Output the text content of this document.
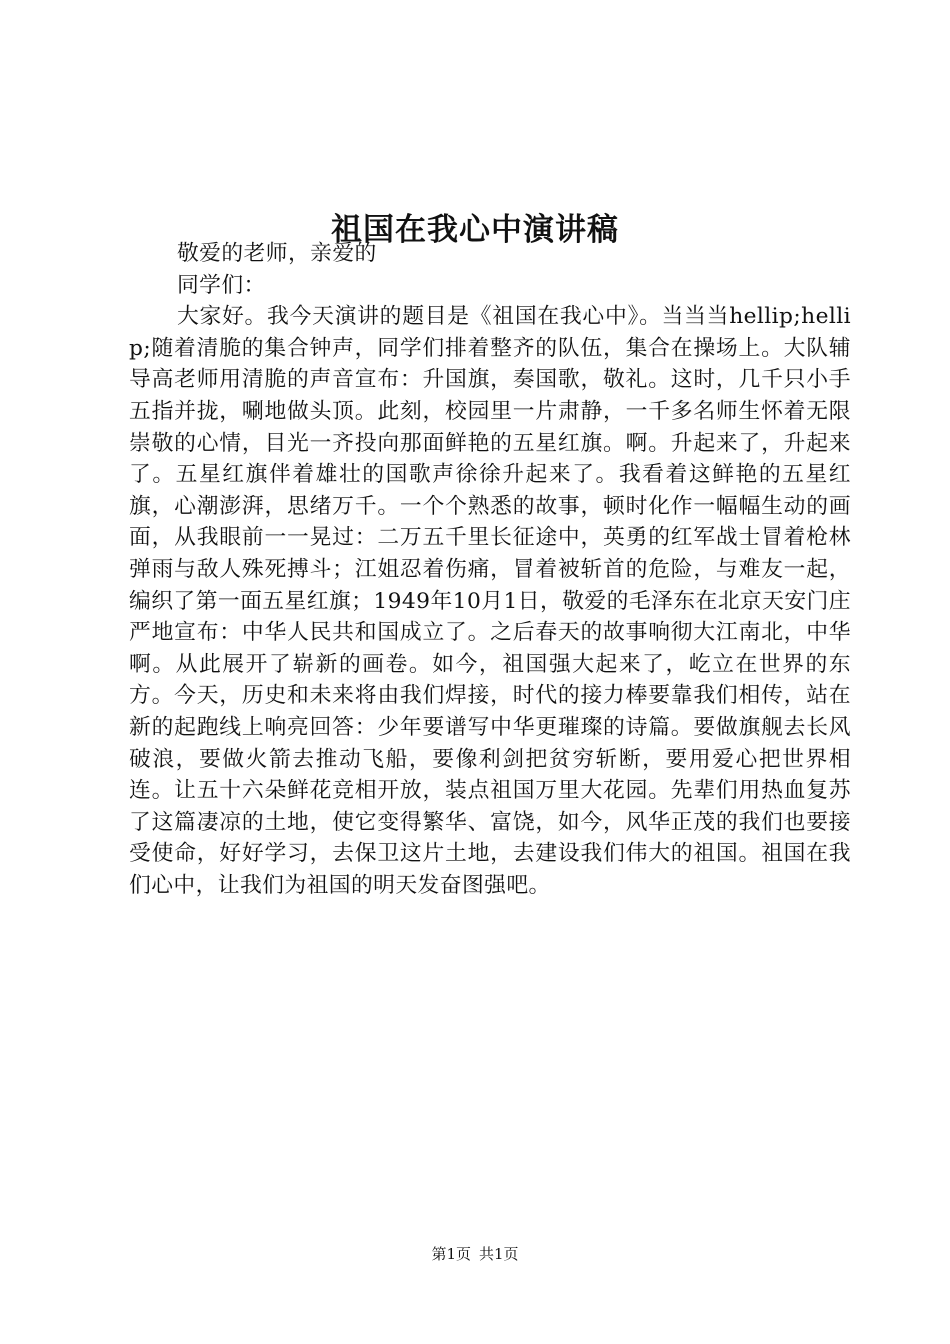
祖国在我心中演讲稿

敬爱的老师，亲爱的

同学们：

大家好。我今天演讲的题目是《祖国在我心中》。当当当hellip;hellip;随着清脆的集合钟声，同学们排着整齐的队伍，集合在操场上。大队辅导高老师用清脆的声音宣布：升国旗，奏国歌，敬礼。这时，几千只小手五指并拢，唰地做头顶。此刻，校园里一片肃静，一千多名师生怀着无限崇敬的心情，目光一齐投向那面鲜艳的五星红旗。啊。升起来了，升起来了。五星红旗伴着雄壮的国歌声徐徐升起来了。我看着这鲜艳的五星红旗，心潮澎湃，思绪万千。一个个熟悉的故事，顿时化作一幅幅生动的画面，从我眼前一一晃过：二万五千里长征途中，英勇的红军战士冒着枪林弹雨与敌人殊死搏斗；江姐忍着伤痛，冒着被斩首的危险，与难友一起，编织了第一面五星红旗；1949年10月1日，敬爱的毛泽东在北京天安门庄严地宣布：中华人民共和国成立了。之后春天的故事响彻大江南北，中华啊。从此展开了崭新的画卷。如今，祖国强大起来了，屹立在世界的东方。今天，历史和未来将由我们焊接，时代的接力棒要靠我们相传，站在新的起跑线上响亮回答：少年要谱写中华更璀璨的诗篇。要做旗舰去长风破浪，要做火箭去推动飞船，要像利剑把贫穷斩断，要用爱心把世界相连。让五十六朵鲜花竞相开放，装点祖国万里大花园。先辈们用热血复苏了这篇凄凉的土地，使它变得繁华、富饶，如今，风华正茂的我们也要接受使命，好好学习，去保卫这片土地，去建设我们伟大的祖国。祖国在我们心中，让我们为祖国的明天发奋图强吧。

第1页 共1页
